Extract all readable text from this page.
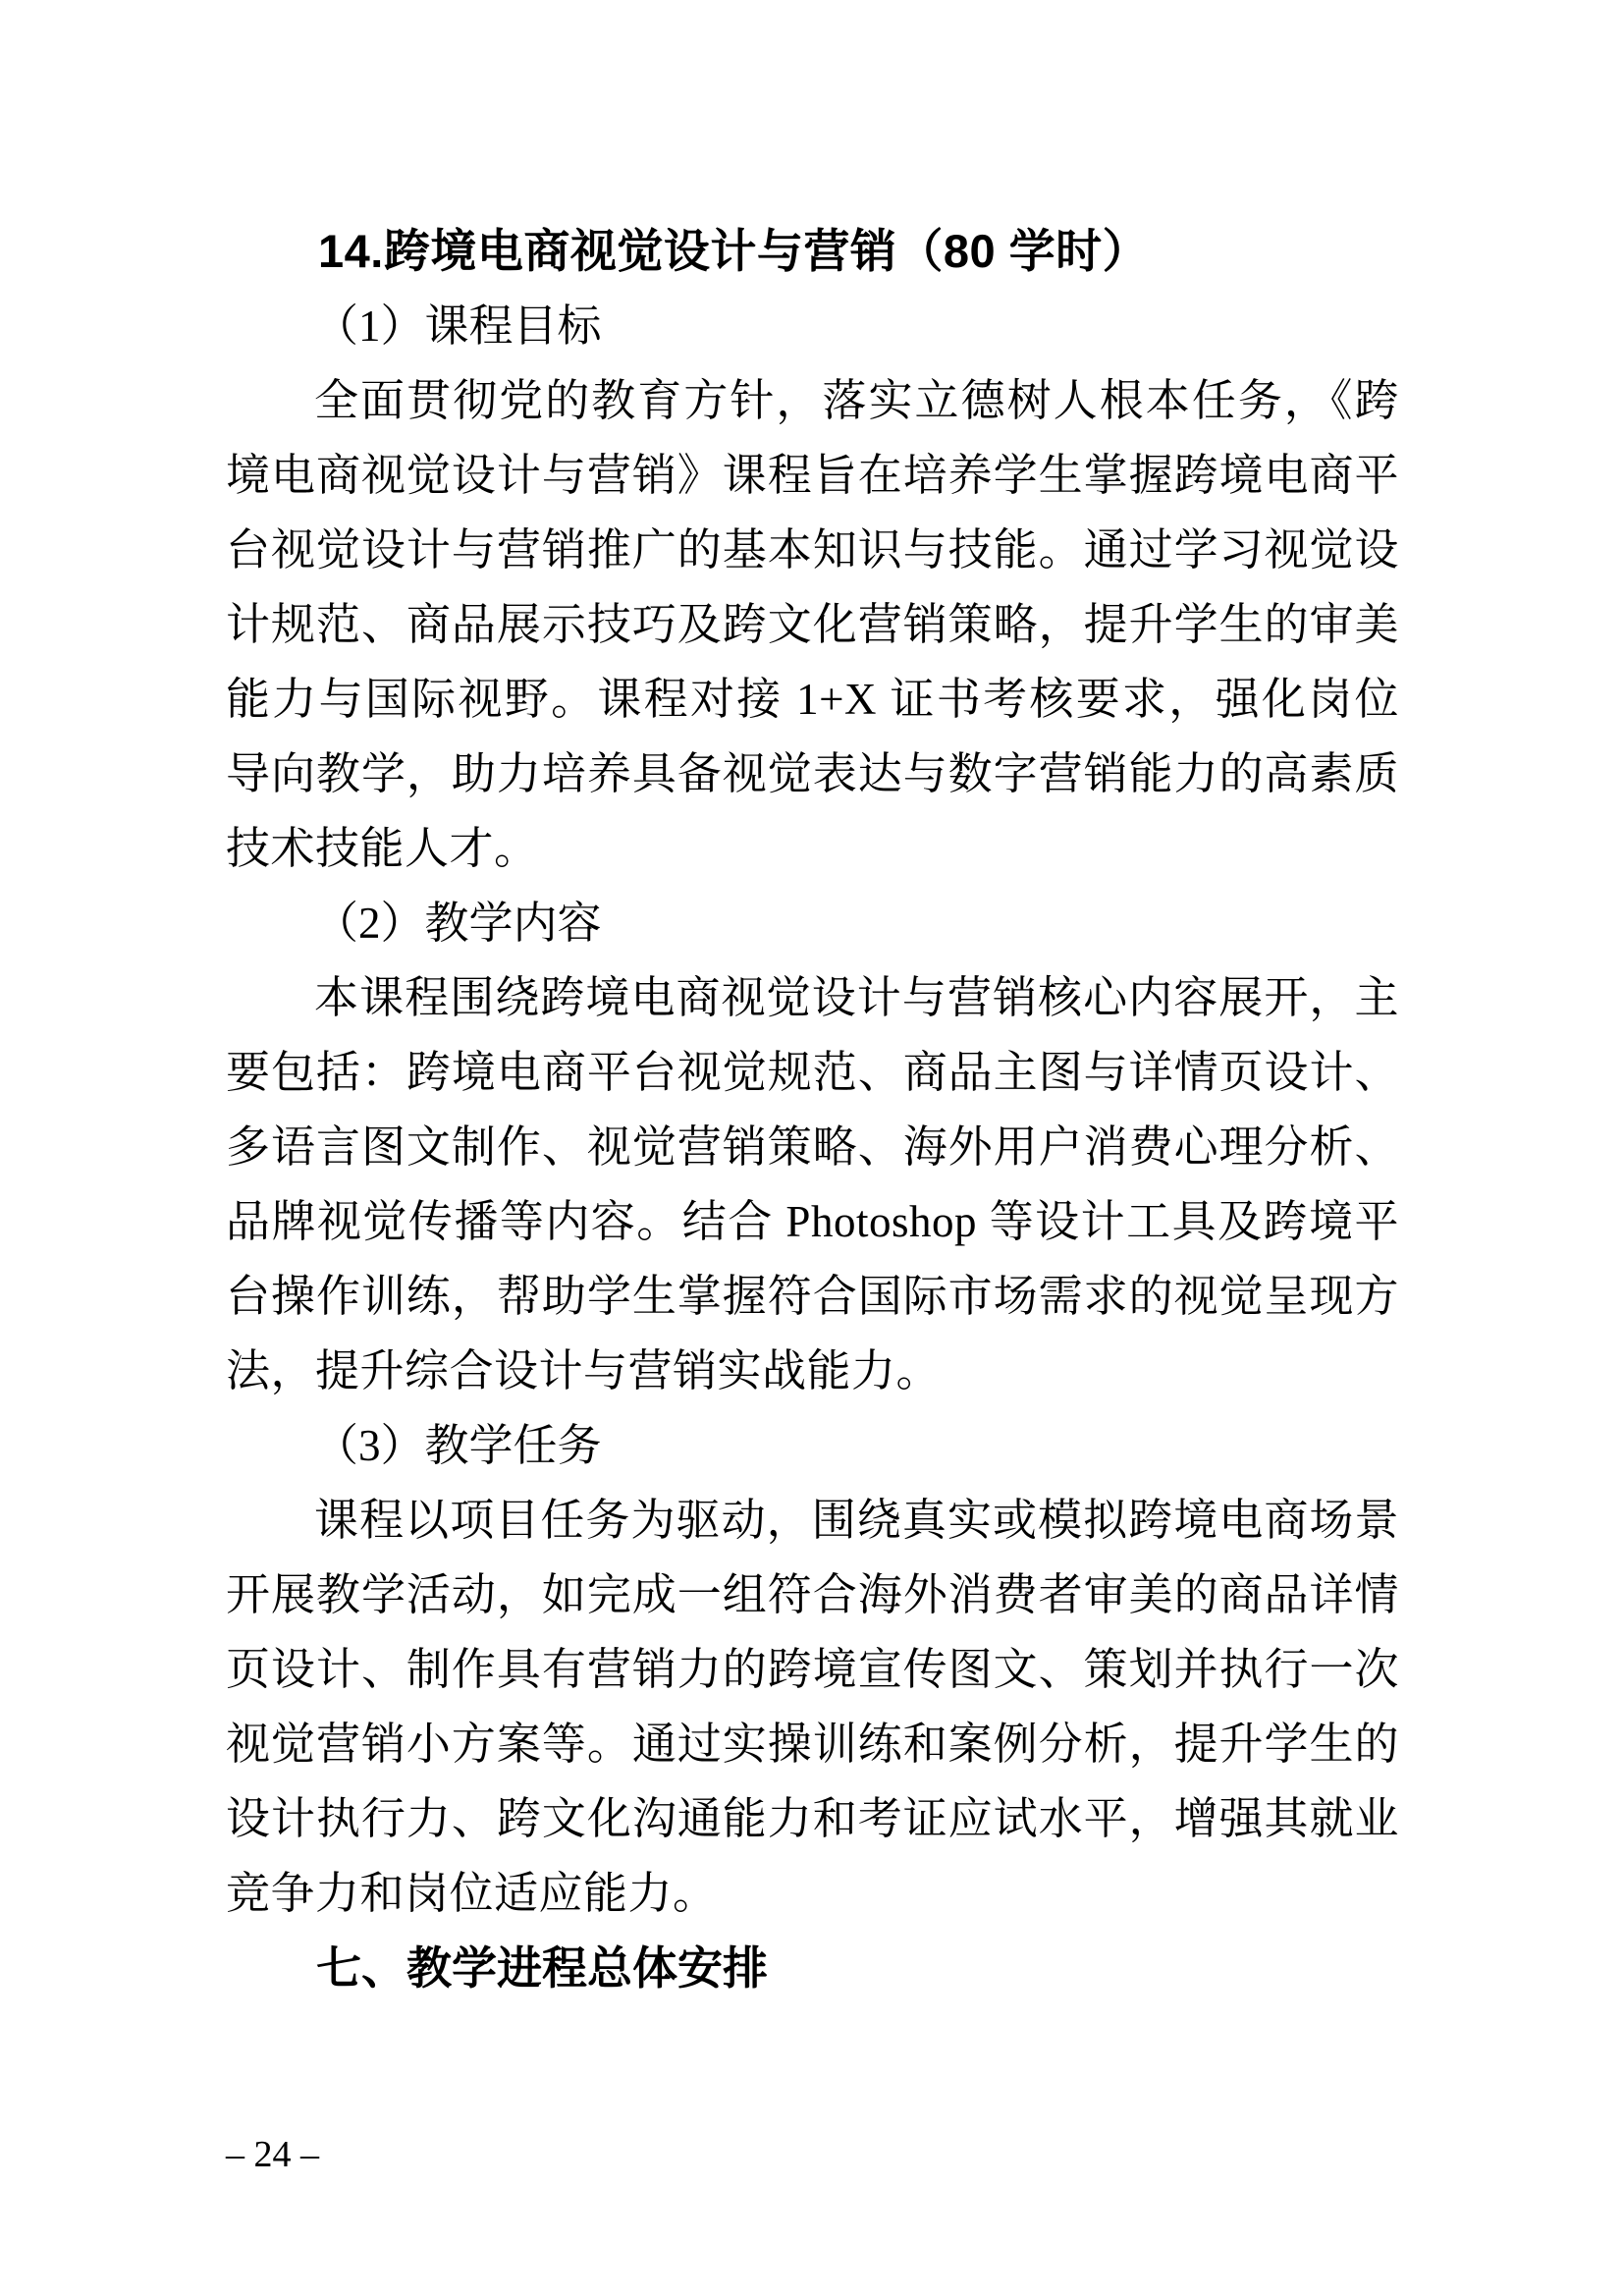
14.跨境电商视觉设计与营销（80 学时）

（1）课程目标

全面贯彻党的教育方针，落实立德树人根本任务，《跨境电商视觉设计与营销》课程旨在培养学生掌握跨境电商平台视觉设计与营销推广的基本知识与技能。通过学习视觉设计规范、商品展示技巧及跨文化营销策略，提升学生的审美能力与国际视野。课程对接 1+X 证书考核要求，强化岗位导向教学，助力培养具备视觉表达与数字营销能力的高素质技术技能人才。

（2）教学内容

本课程围绕跨境电商视觉设计与营销核心内容展开，主要包括：跨境电商平台视觉规范、商品主图与详情页设计、多语言图文制作、视觉营销策略、海外用户消费心理分析、品牌视觉传播等内容。结合 Photoshop 等设计工具及跨境平台操作训练，帮助学生掌握符合国际市场需求的视觉呈现方法，提升综合设计与营销实战能力。

（3）教学任务

课程以项目任务为驱动，围绕真实或模拟跨境电商场景开展教学活动，如完成一组符合海外消费者审美的商品详情页设计、制作具有营销力的跨境宣传图文、策划并执行一次视觉营销小方案等。通过实操训练和案例分析，提升学生的设计执行力、跨文化沟通能力和考证应试水平，增强其就业竞争力和岗位适应能力。

七、教学进程总体安排
– 24 –
